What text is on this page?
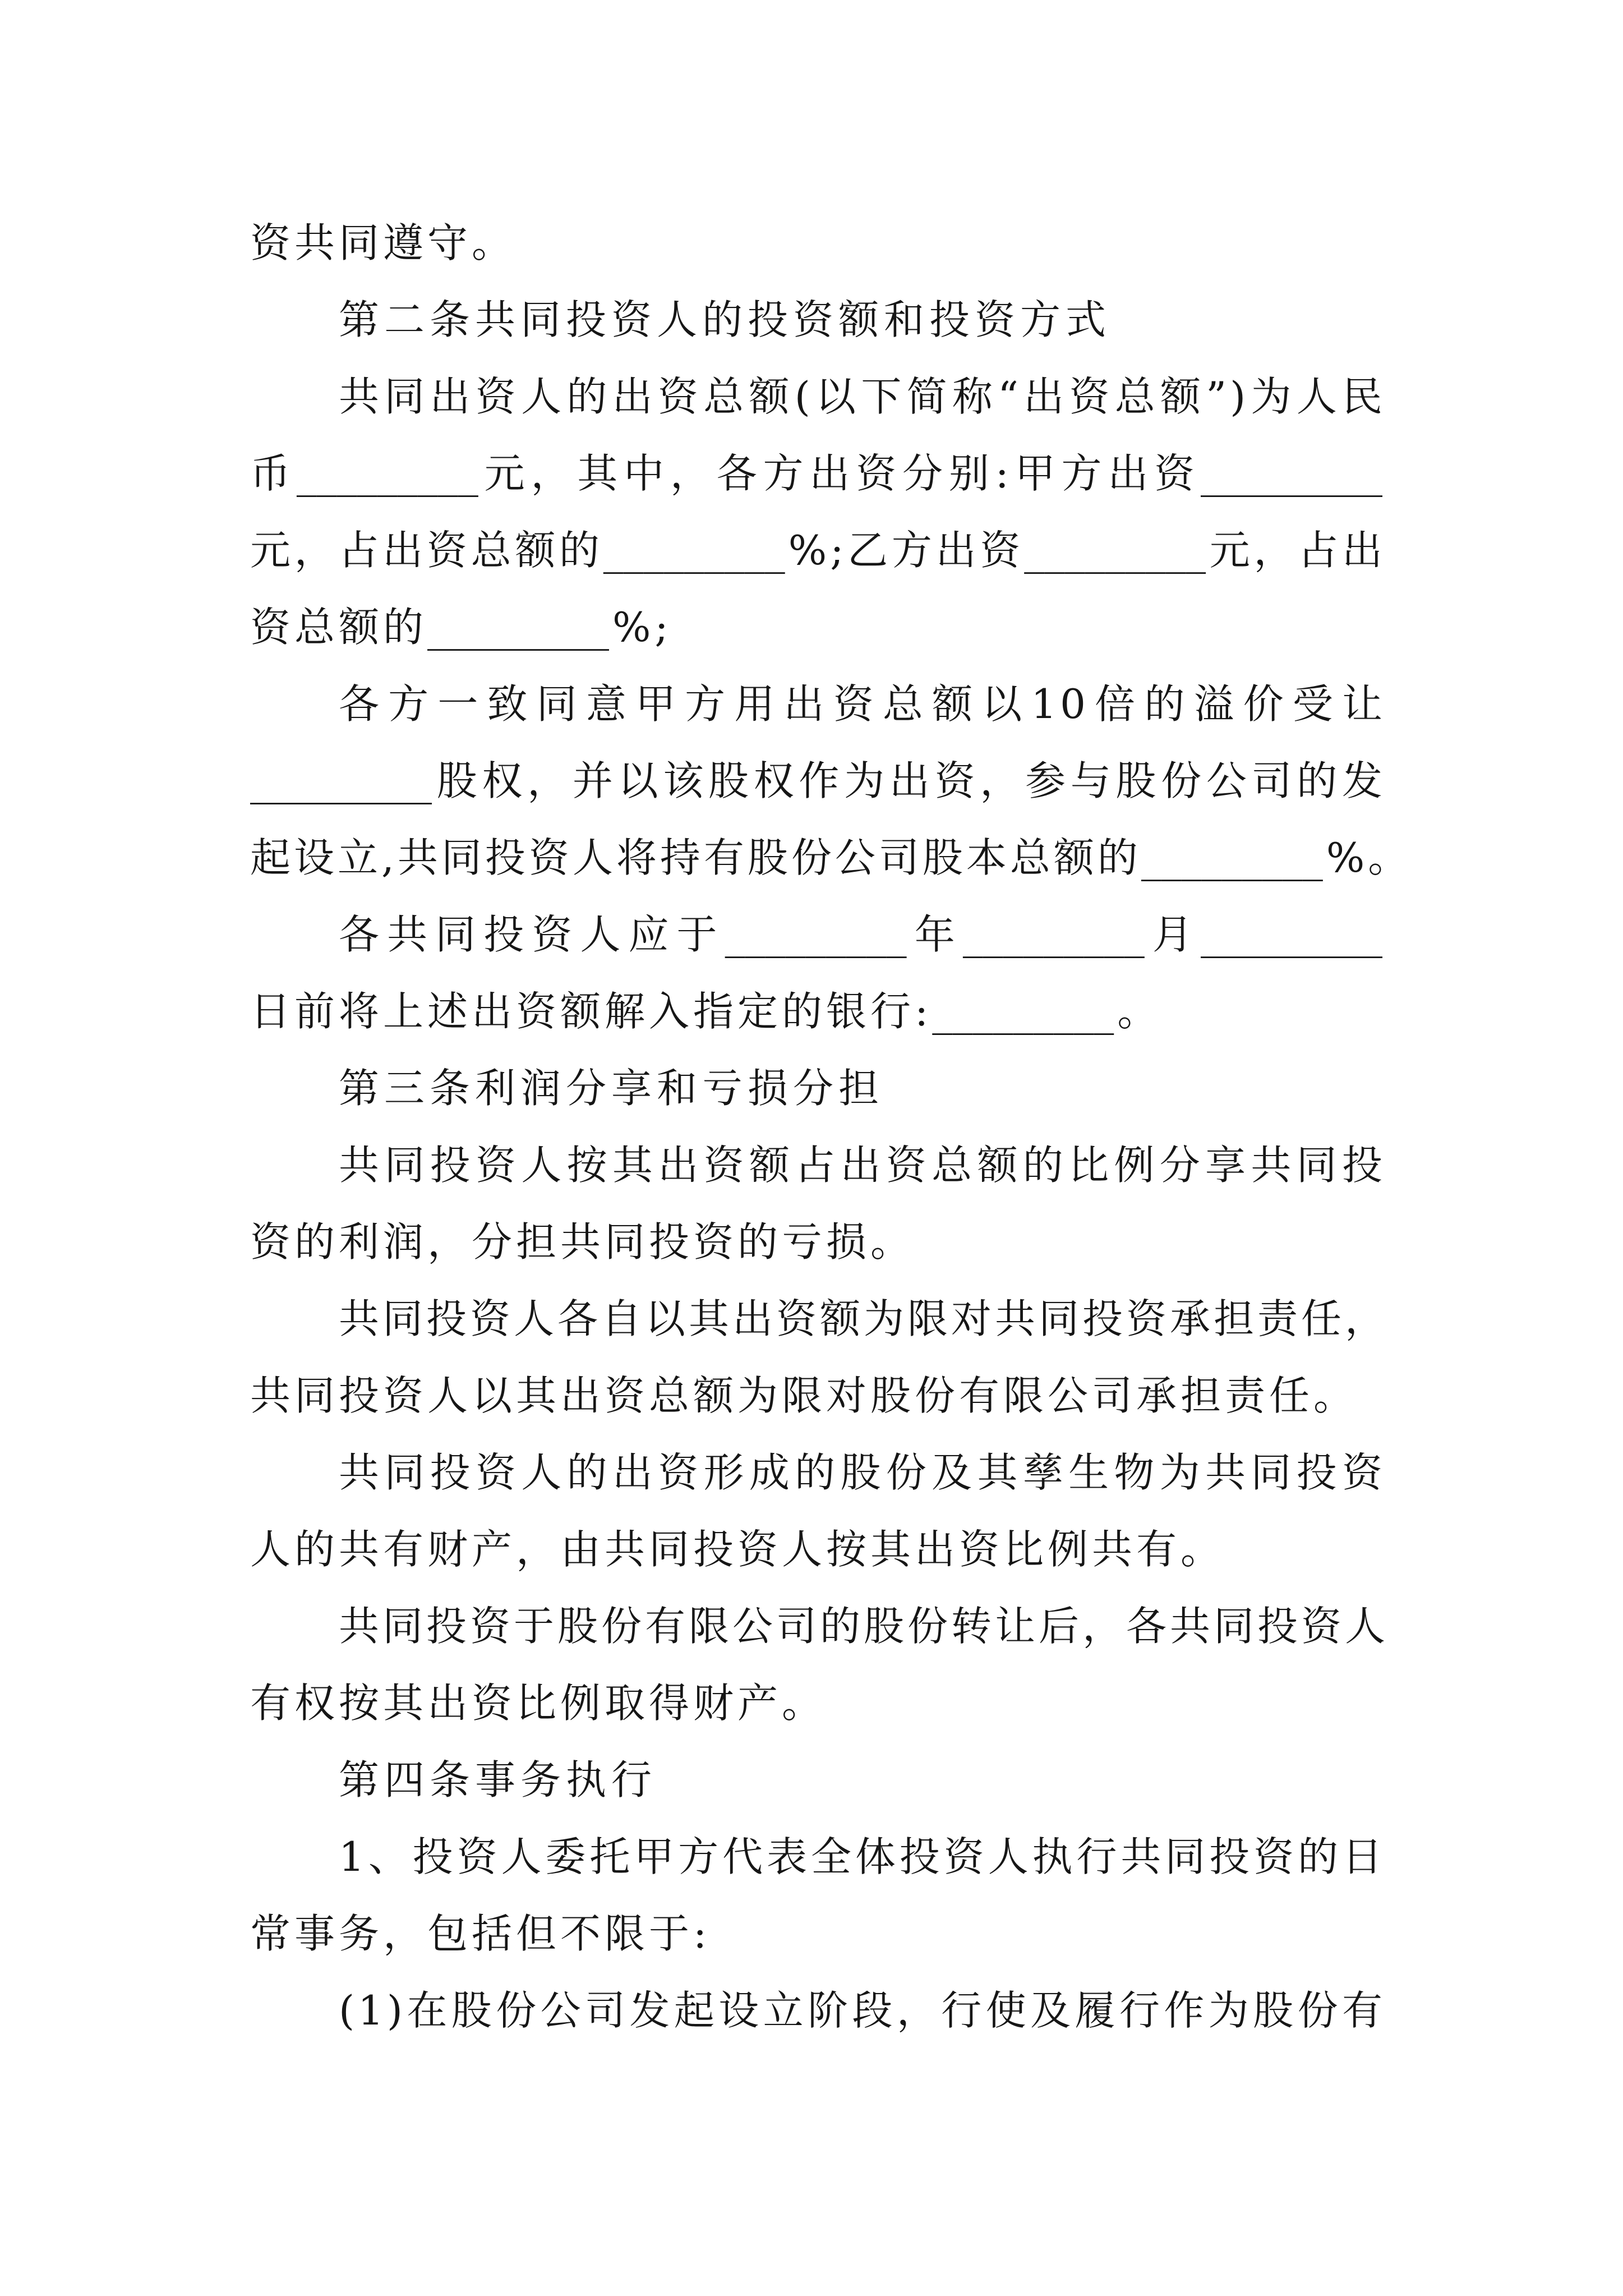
资共同遵守。
第二条共同投资人的投资额和投资方式
共同出资人的出资总额(以下简称“出资总额”)为人民
币_________元，其中，各方出资分别:甲方出资_________
元，占出资总额的_________%;乙方出资_________元，占出
资总额的_________%;
各方一致同意甲方用出资总额以10倍的溢价受让
_________股权，并以该股权作为出资，参与股份公司的发
起设立,共同投资人将持有股份公司股本总额的_________%。
各共同投资人应于_________年_________月_________
日前将上述出资额解入指定的银行:_________。
第三条利润分享和亏损分担
共同投资人按其出资额占出资总额的比例分享共同投
资的利润，分担共同投资的亏损。
共同投资人各自以其出资额为限对共同投资承担责任，
共同投资人以其出资总额为限对股份有限公司承担责任。
共同投资人的出资形成的股份及其孳生物为共同投资
人的共有财产，由共同投资人按其出资比例共有。
共同投资于股份有限公司的股份转让后，各共同投资人
有权按其出资比例取得财产。
第四条事务执行
1、投资人委托甲方代表全体投资人执行共同投资的日
常事务，包括但不限于:
(1)在股份公司发起设立阶段，行使及履行作为股份有
